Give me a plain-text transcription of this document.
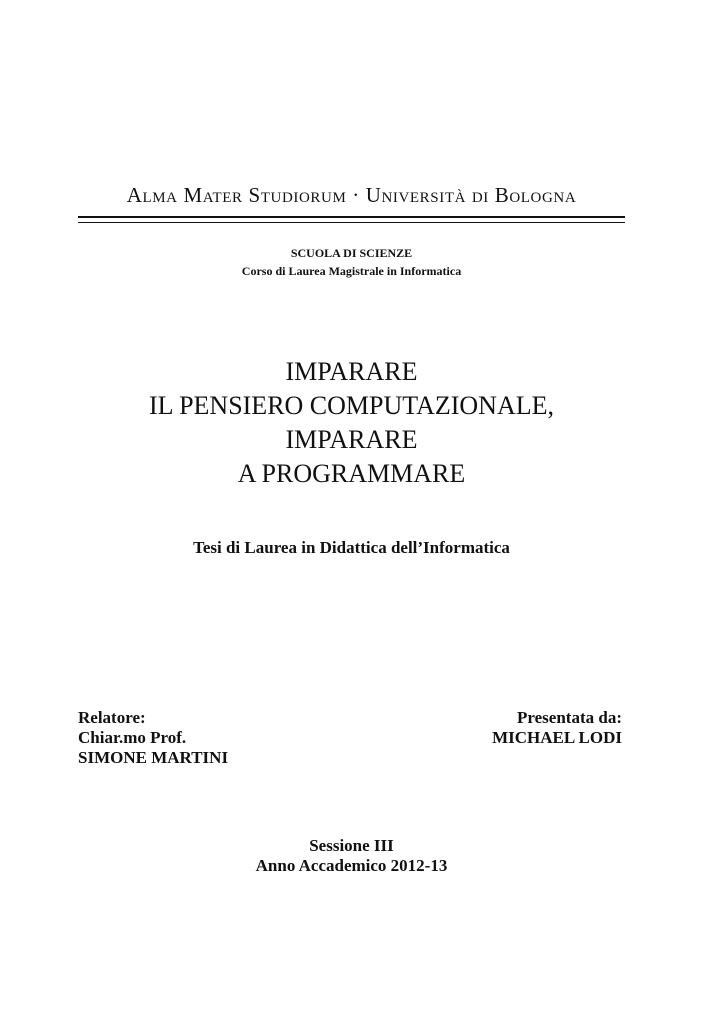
Alma Mater Studiorum · Università di Bologna
SCUOLA DI SCIENZE
Corso di Laurea Magistrale in Informatica
IMPARARE
IL PENSIERO COMPUTAZIONALE,
IMPARARE
A PROGRAMMARE
Tesi di Laurea in Didattica dell’Informatica
Relatore:
Chiar.mo Prof.
SIMONE MARTINI
Presentata da:
MICHAEL LODI
Sessione III
Anno Accademico 2012-13
